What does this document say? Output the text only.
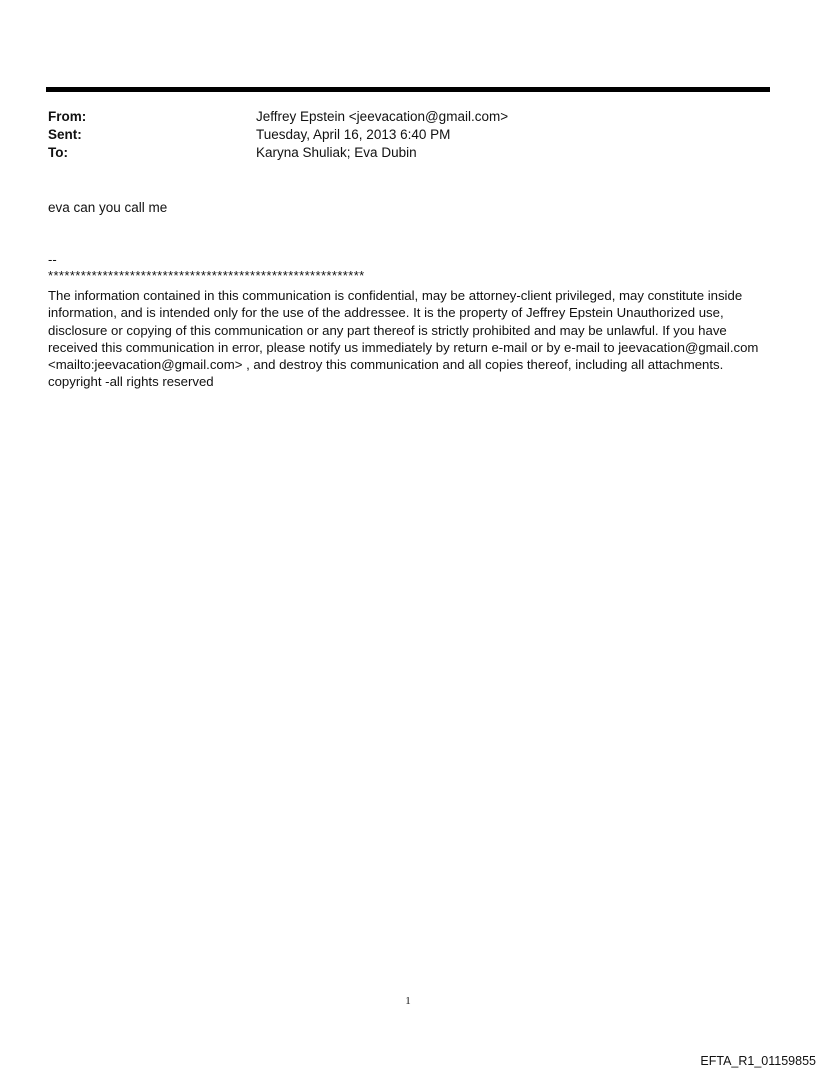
From:	Jeffrey Epstein <jeevacation@gmail.com>
Sent:	Tuesday, April 16, 2013 6:40 PM
To:	Karyna Shuliak; Eva Dubin
eva can you call me
--
**********************************************************
The information contained in this communication is confidential, may be attorney-client privileged, may constitute inside information, and is intended only for the use of the addressee. It is the property of Jeffrey Epstein Unauthorized use, disclosure or copying of this communication or any part thereof is strictly prohibited and may be unlawful. If you have received this communication in error, please notify us immediately by return e-mail or by e-mail to jeevacation@gmail.com <mailto:jeevacation@gmail.com> , and destroy this communication and all copies thereof, including all attachments. copyright -all rights reserved
1
EFTA_R1_01159855
